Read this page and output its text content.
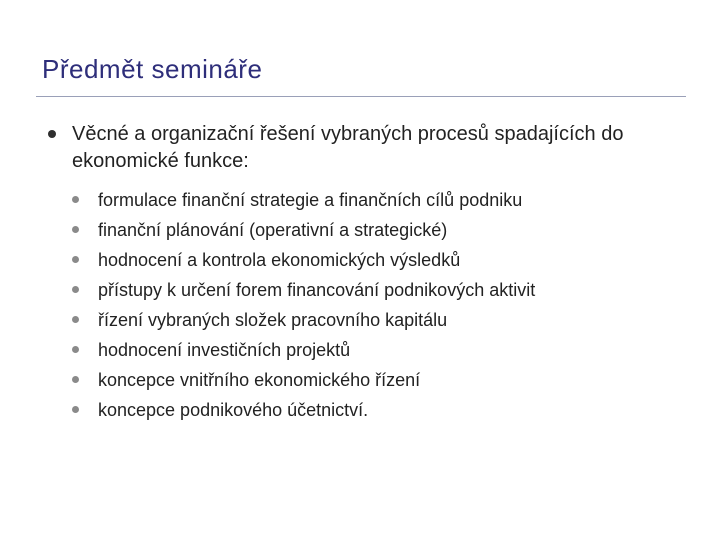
Předmět semináře
Věcné a organizační řešení vybraných procesů spadajících do ekonomické funkce:
formulace finanční strategie a finančních cílů podniku
finanční plánování (operativní a strategické)
hodnocení a kontrola ekonomických výsledků
přístupy k určení forem financování podnikových aktivit
řízení vybraných složek pracovního kapitálu
hodnocení investičních projektů
koncepce vnitřního ekonomického řízení
koncepce podnikového účetnictví.
